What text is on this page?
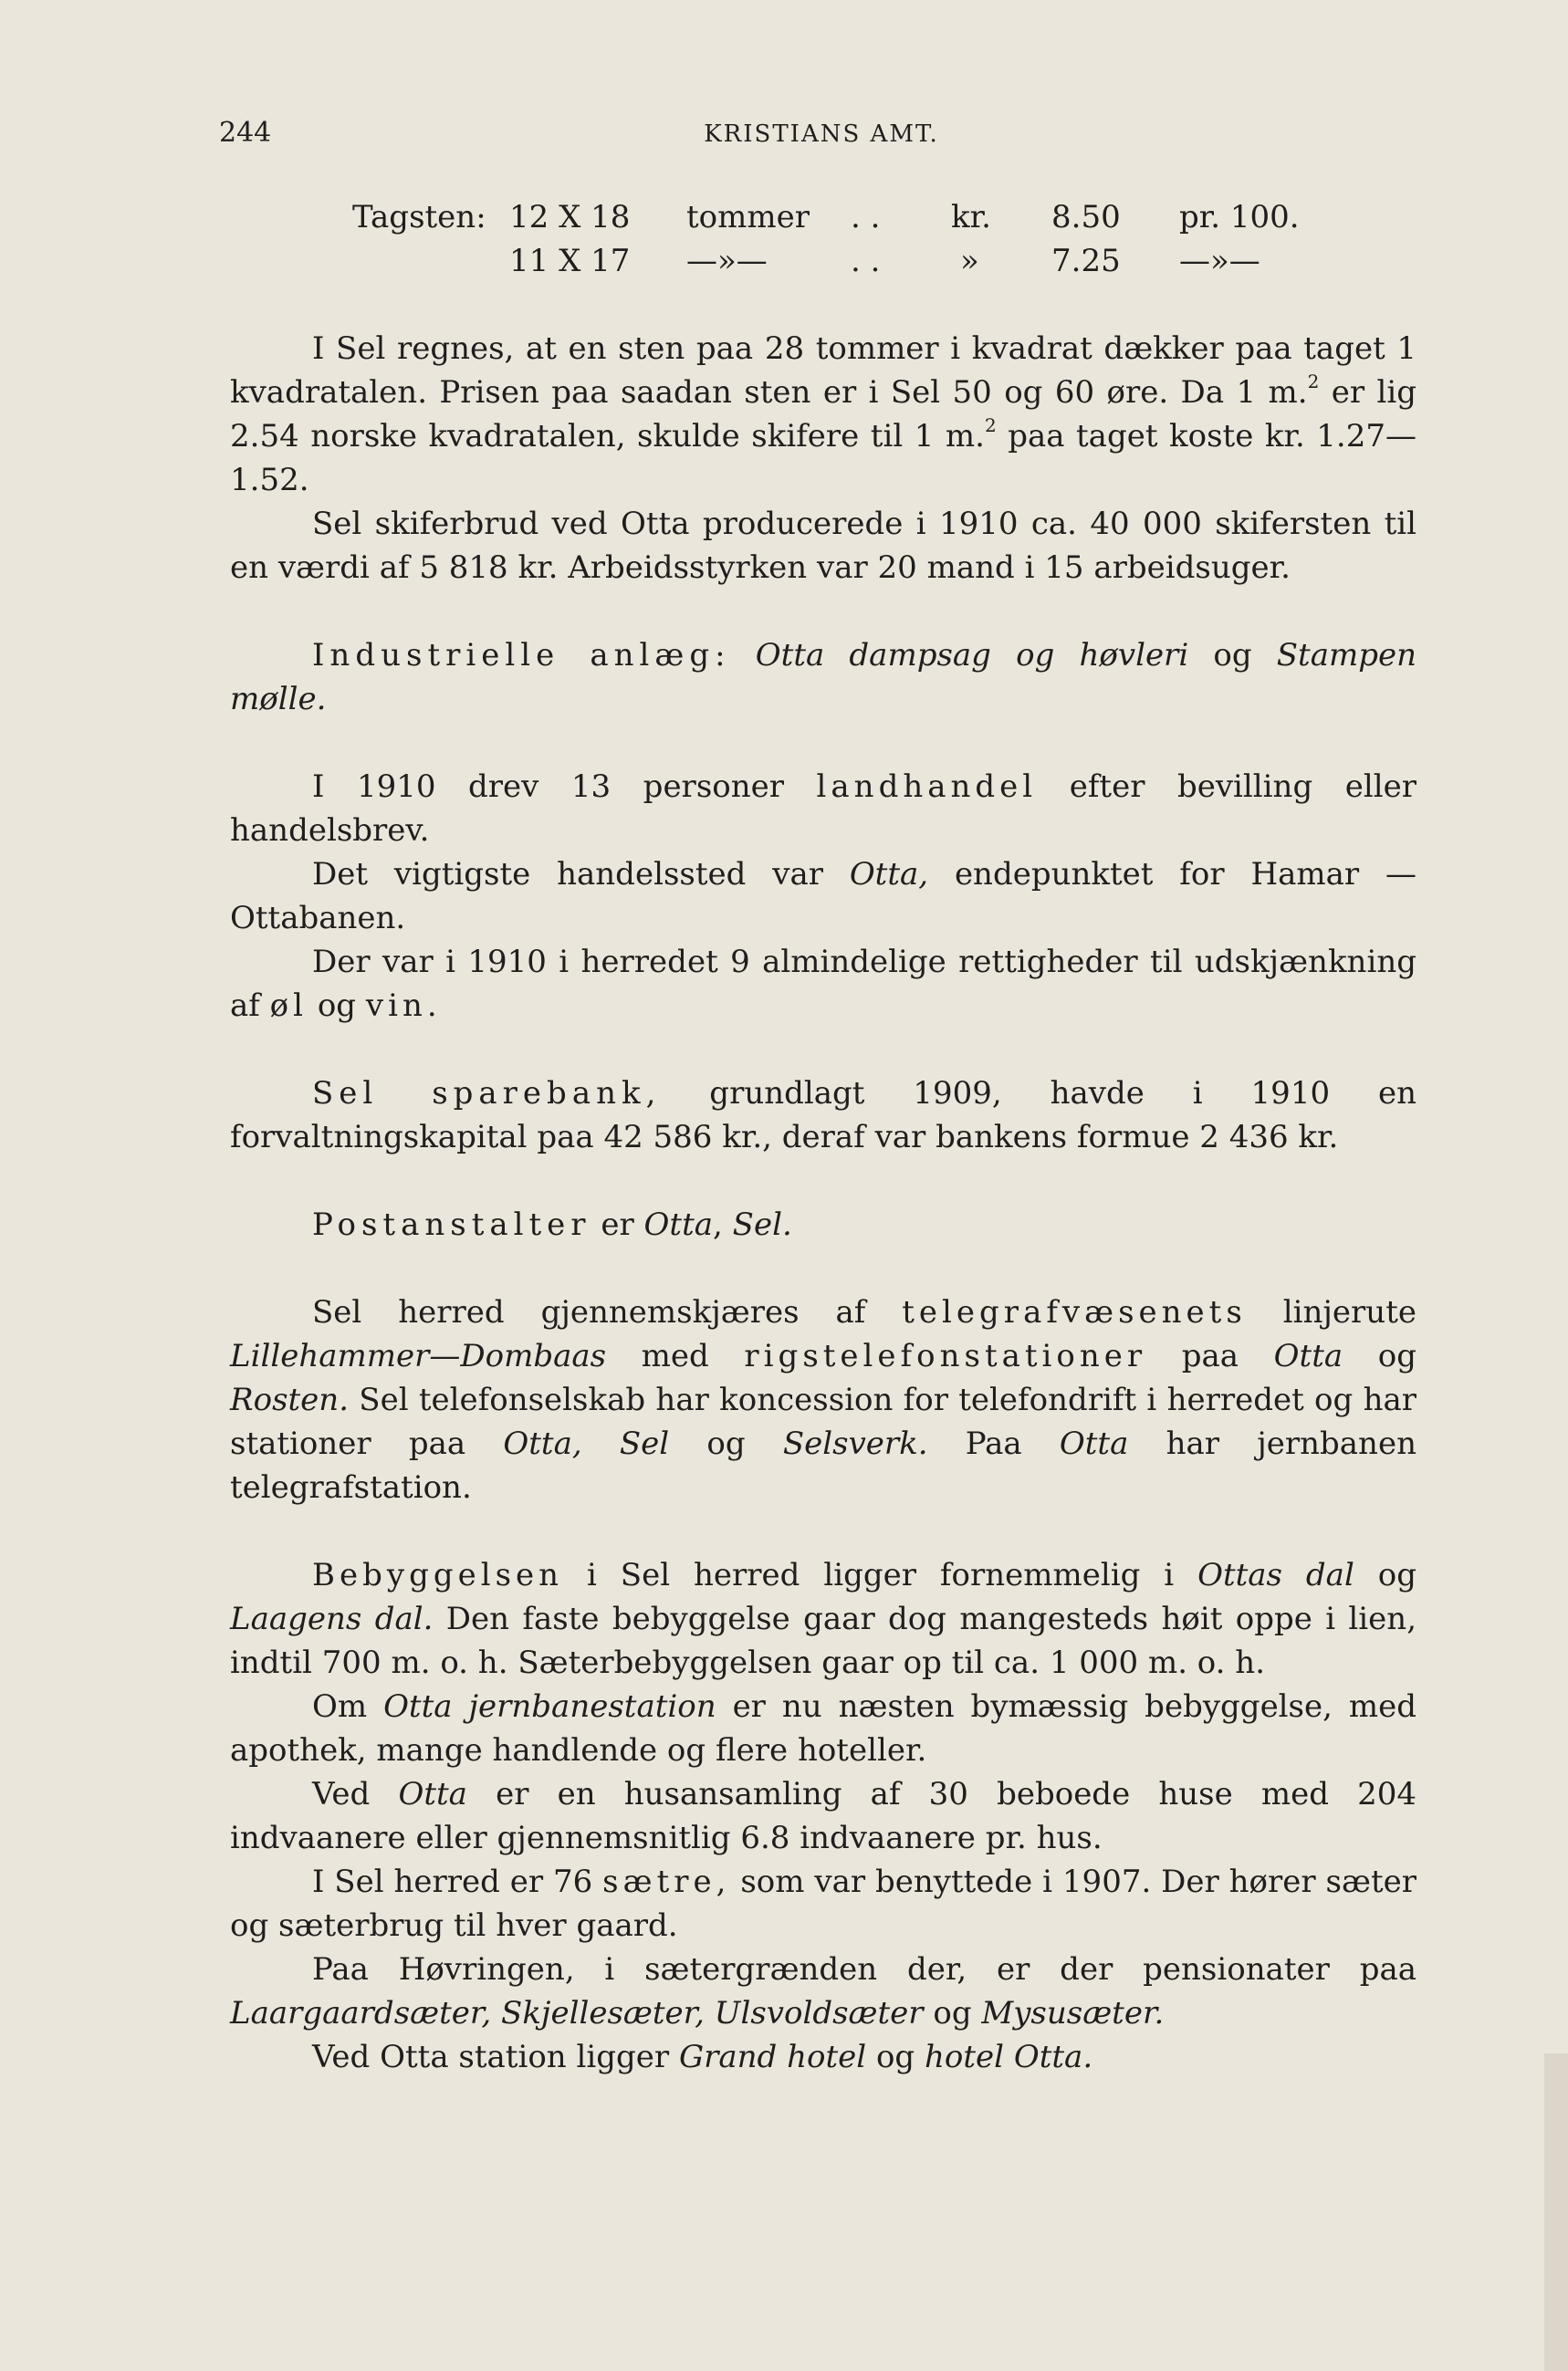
244	KRISTIANS AMT.
Tagsten: 12 X 18 tommer . . kr. 8.50 pr. 100.
11 X 17 —»—	. .	» 7.25 —»—

I Sel regnes, at en sten paa 28 tommer i kvadrat dækker paa taget 1 kvadratalen. Prisen paa saadan sten er i Sel 50 og 60 øre. Da 1 m.$^2$ er lig 2.54 norske kvadratalen, skulde skifere til 1 m.$^2$ paa taget koste kr. 1.27—1.52.

Sel skiferbrud ved Otta producerede i 1910 ca. 40 000 skifersten til en værdi af 5 818 kr. Arbeidsstyrken var 20 mand i 15 arbeidsuger.

Industrielle anlæg: Otta dampsag og høvleri og Stampen mølle.

I 1910 drev 13 personer landhandel efter bevilling eller handelsbrev.

Det vigtigste handelssted var Otta, endepunktet for Hamar —Ottabanen.

Der var i 1910 i herredet 9 almindelige rettigheder til udskjænkning af øl og vin.

Sel sparebank, grundlagt 1909, havde i 1910 en forvaltningskapital paa 42 586 kr., deraf var bankens formue 2 436 kr.

Postanstalter er Otta, Sel.

Sel herred gjennemskjæres af telegrafvæsenets linjerute Lillehammer—Dombaas med rigstelefonstationer paa Otta og Rosten. Sel telefonselskab har koncession for telefondrift i herredet og har stationer paa Otta, Sel og Selsverk. Paa Otta har jernbanen telegrafstation.

Bebyggelsen i Sel herred ligger fornemmelig i Ottas dal og Laagens dal. Den faste bebyggelse gaar dog mangesteds høit oppe i lien, indtil 700 m. o. h. Sæterbebyggelsen gaar op til ca. 1 000 m. o. h.

Om Otta jernbanestation er nu næsten bymæssig bebyggelse, med apothek, mange handlende og flere hoteller.

Ved Otta er en husansamling af 30 beboede huse med 204 indvaanere eller gjennemsnitlig 6.8 indvaanere pr. hus.

I Sel herred er 76 sætre, som var benyttede i 1907. Der hører sæter og sæterbrug til hver gaard.

Paa Høvringen, i sætergrænden der, er der pensionater paa Laargaardsæter, Skjellesæter, Ulsvoldsæter og Mysusæter.

Ved Otta station ligger Grand hotel og hotel Otta.
